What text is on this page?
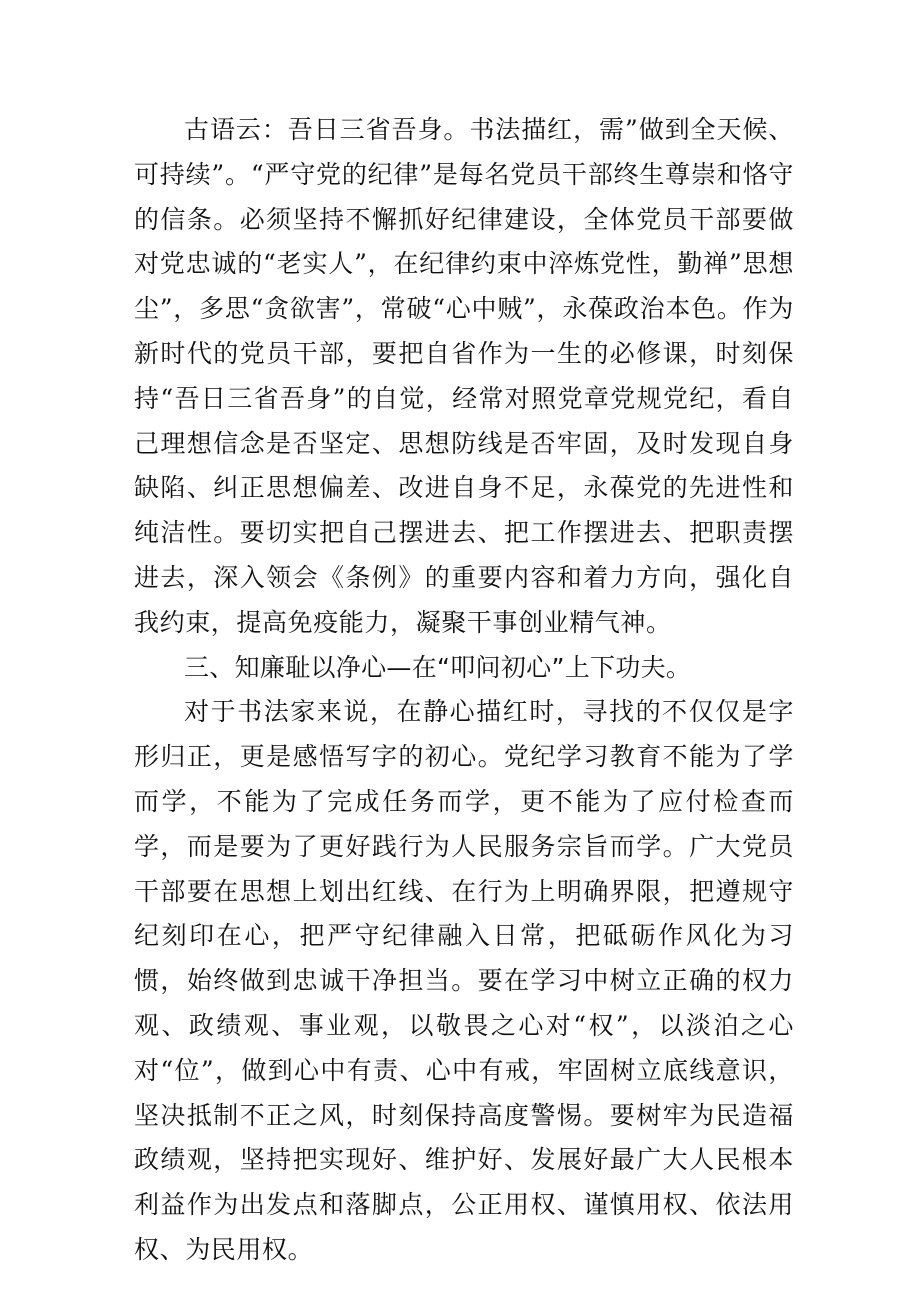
古语云：吾日三省吾身。书法描红，需”做到全天候、可持续”。“严守党的纪律”是每名党员干部终生尊崇和恪守的信条。必须坚持不懈抓好纪律建设，全体党员干部要做对党忠诚的“老实人”，在纪律约束中淬炼党性，勤禅”思想尘”，多思“贪欲害”，常破“心中贼”，永葆政治本色。作为新时代的党员干部，要把自省作为一生的必修课，时刻保持“吾日三省吾身”的自觉，经常对照党章党规党纪，看自己理想信念是否坚定、思想防线是否牢固，及时发现自身缺陷、纠正思想偏差、改进自身不足，永葆党的先进性和纯洁性。要切实把自己摆进去、把工作摆进去、把职责摆进去，深入领会《条例》的重要内容和着力方向，强化自我约束，提高免疫能力，凝聚干事创业精气神。

三、知廉耻以净心—在“叩问初心”上下功夫。

对于书法家来说，在静心描红时，寻找的不仅仅是字形归正，更是感悟写字的初心。党纪学习教育不能为了学而学，不能为了完成任务而学，更不能为了应付检查而学，而是要为了更好践行为人民服务宗旨而学。广大党员干部要在思想上划出红线、在行为上明确界限，把遵规守纪刻印在心，把严守纪律融入日常，把砥砺作风化为习惯，始终做到忠诚干净担当。要在学习中树立正确的权力观、政绩观、事业观，以敬畏之心对“权”，以淡泊之心对“位”，做到心中有责、心中有戒，牢固树立底线意识，坚决抵制不正之风，时刻保持高度警惕。要树牢为民造福政绩观，坚持把实现好、维护好、发展好最广大人民根本利益作为出发点和落脚点，公正用权、谨慎用权、依法用权、为民用权。
